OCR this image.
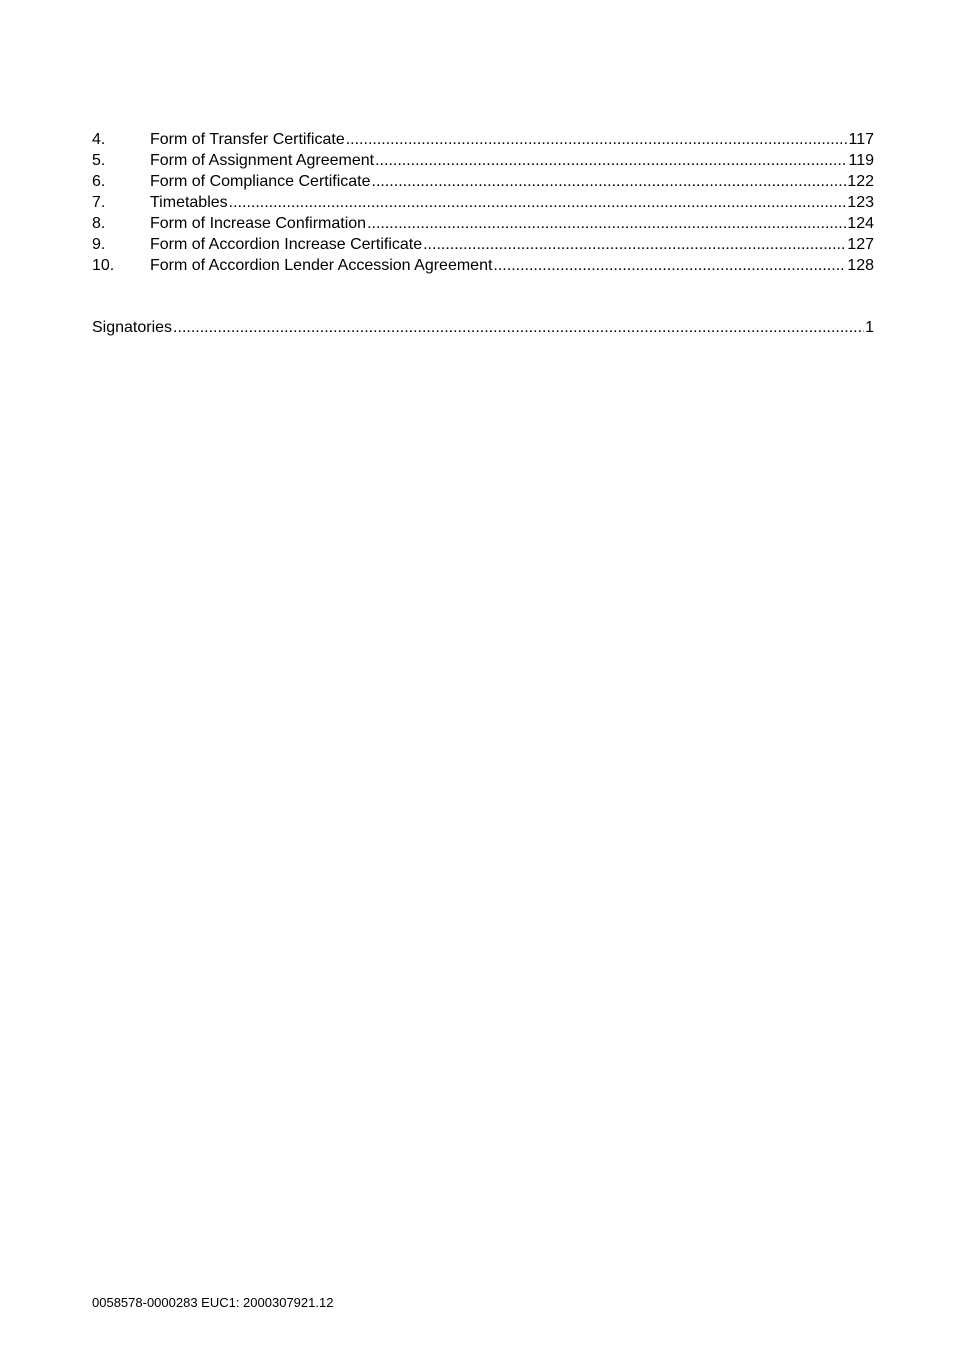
4.	Form of Transfer Certificate .....	117
5.	Form of Assignment Agreement .....	119
6.	Form of Compliance Certificate .....	122
7.	Timetables .....	123
8.	Form of Increase Confirmation .....	124
9.	Form of Accordion Increase Certificate .....	127
10.	Form of Accordion Lender Accession Agreement .....	128
Signatories .....	1
0058578-0000283 EUC1: 2000307921.12
